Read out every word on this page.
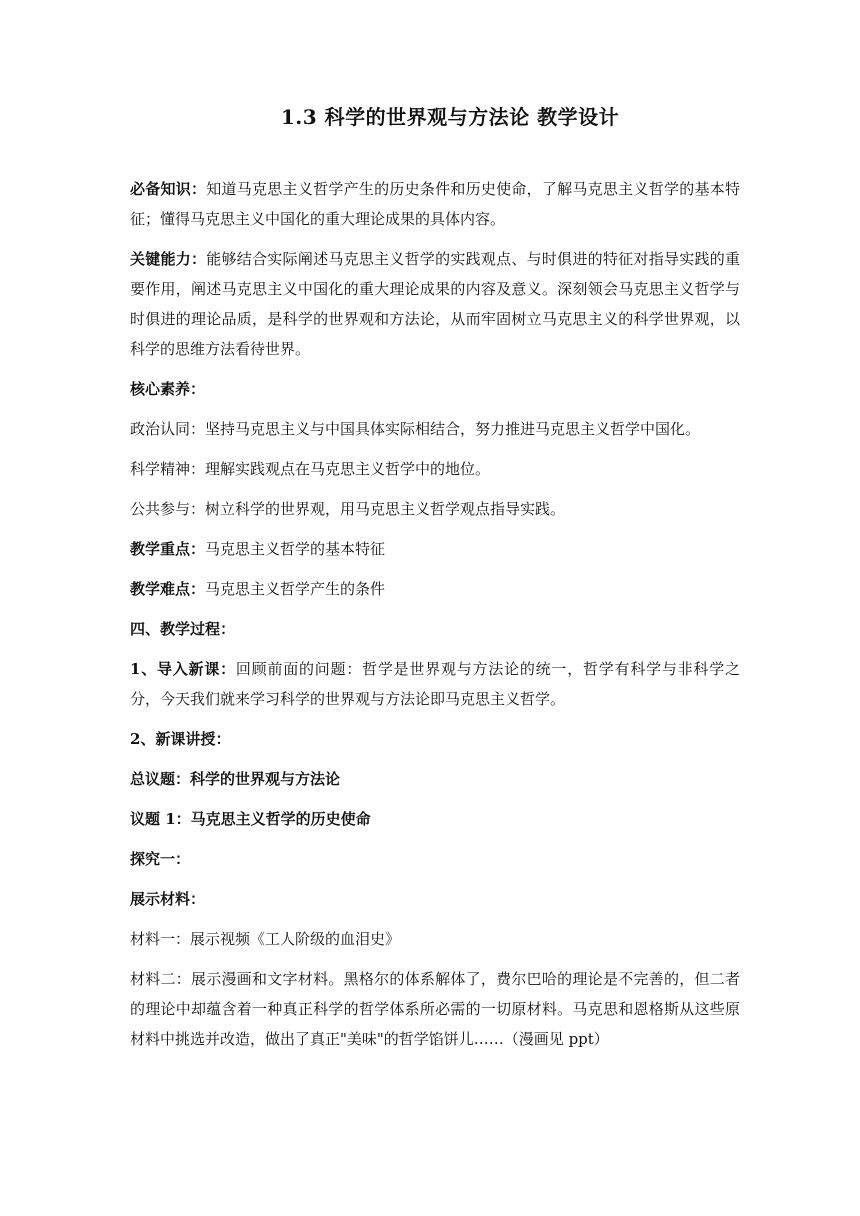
1.3 科学的世界观与方法论 教学设计

必备知识：知道马克思主义哲学产生的历史条件和历史使命，了解马克思主义哲学的基本特征；懂得马克思主义中国化的重大理论成果的具体内容。

关键能力：能够结合实际阐述马克思主义哲学的实践观点、与时俱进的特征对指导实践的重要作用，阐述马克思主义中国化的重大理论成果的内容及意义。深刻领会马克思主义哲学与时俱进的理论品质，是科学的世界观和方法论，从而牢固树立马克思主义的科学世界观，以科学的思维方法看待世界。

核心素养：

政治认同：坚持马克思主义与中国具体实际相结合，努力推进马克思主义哲学中国化。

科学精神：理解实践观点在马克思主义哲学中的地位。

公共参与：树立科学的世界观，用马克思主义哲学观点指导实践。

教学重点：马克思主义哲学的基本特征

教学难点：马克思主义哲学产生的条件

四、教学过程：

1、导入新课：回顾前面的问题：哲学是世界观与方法论的统一，哲学有科学与非科学之分，今天我们就来学习科学的世界观与方法论即马克思主义哲学。

2、新课讲授：

总议题：科学的世界观与方法论

议题 1：马克思主义哲学的历史使命

探究一：

展示材料：

材料一：展示视频《工人阶级的血泪史》

材料二：展示漫画和文字材料。黑格尔的体系解体了，费尔巴哈的理论是不完善的，但二者的理论中却蕴含着一种真正科学的哲学体系所必需的一切原材料。马克思和恩格斯从这些原材料中挑选并改造，做出了真正"美味"的哲学馅饼儿……（漫画见 ppt）
